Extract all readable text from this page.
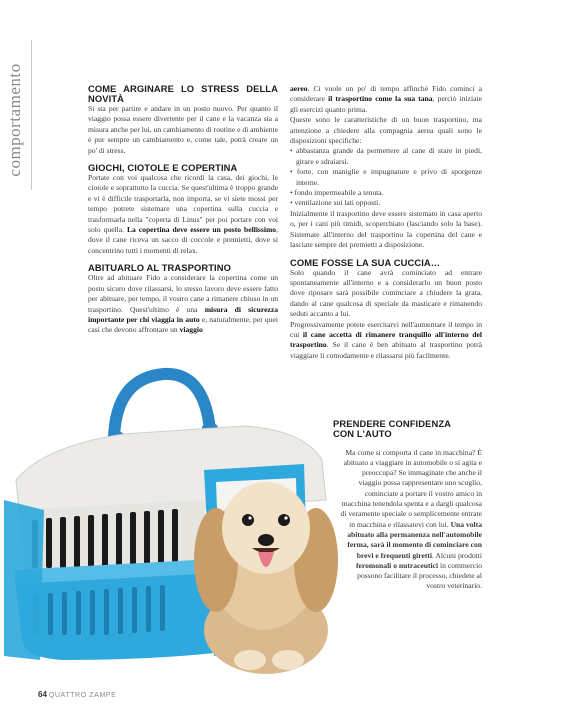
comportamento	COME ARGINARE LO STRESS DELLA NOVITÀ

Si sta per partire e andare in un posto nuovo. Per quanto il viaggio possa essere divertente per il cane e la vacanza sia a misura anche per lui, un cambiamento di routine e di ambiente è pur sempre un cambiamento e, come tale, potrà creare un po' di stress.

GIOCHI, CIOTOLE E COPERTINA

Portate con voi qualcosa che ricordi la casa, dei giochi, le ciotole e soprattutto la cuccia. Se quest'ultima è troppo grande e vi è difficile trasportarla, non importa, se vi siete mossi per tempo potrete sistemare una copertina sulla cuccia e trasformarla nella "coperta di Linus" per poi portare con voi solo quella. La copertina deve essere un posto bellissimo, dove il cane riceva un sacco di coccole e premietti, dove si concentrino tutti i momenti di relax.

ABITUARLO AL TRASPORTINO

Oltre ad abituare Fido a considerare la copertina come un posto sicuro dove rilassarsi, lo stesso lavoro deve essere fatto per abituare, per tempo, il vostro cane a rimanere chiuso in un trasportino. Quest'ultimo è una misura di sicurezza importante per chi viaggia in auto e, naturalmente, per quei casi che devono affrontare un viaggio

aereo. Ci vuole un po' di tempo affinché Fido cominci a considerare il trasportino come la sua tana, perciò iniziate gli esercizi quanto prima.

Queste sono le caratteristiche di un buon trasportino, ma attenzione a chiedere alla compagnia aerea quali sono le disposizioni specifiche:

• abbastanza grande da permettere al cane di stare in piedi, girare e sdraiarsi.

• forte, con maniglie e impugnature e privo di sporgenze interne.

• fondo impermeabile a tenuta.

• ventilazione sui lati opposti.

Inizialmente il trasportino deve essere sistemato in casa aperto o, per i cani più timidi, scoperchiato (lasciando solo la base). Sistemate all'interno del trasportino la copertina del cane e lasciate sempre dei premietti a disposizione.

COME FOSSE LA SUA CUCCIA…

Solo quando il cane avrà cominciato ad entrare spontaneamente all'interno e a considerarlo un buon posto dove riposare sarà possibile cominciare a chiudere la grata, dando al cane qualcosa di speciale da masticare e rimanendo seduti accanto a lui.

Progressivamente potete esercitarvi nell'aumentare il tempo in cui il cane accetta di rimanere tranquillo all'interno del trasportino. Se il cane è ben abituato al trasportino potrà viaggiare li comodamente e rilassarsi più facilmente.

PRENDERE CONFIDENZA
CON L'AUTO

Ma come si comporta il cane in macchina? È abituato a viaggiare in automobile o si agita e preoccupa? Se immaginate che anche il viaggio possa rappresentare uno scoglio, cominciate a portare il vostro amico in macchina tenendola spenta e a dargli qualcosa di veramente speciale o semplicemente entrate in macchina e rilassatevi con lui. Una volta abituato alla permanenza nell'automobile ferma, sarà il momento di cominciare con brevi e frequenti giretti. Alcuni prodotti feromonali o nutraceutici in commercio possono facilitare il processo, chiedete al vostro veterinario.

64 QUATTRO ZAMPE
